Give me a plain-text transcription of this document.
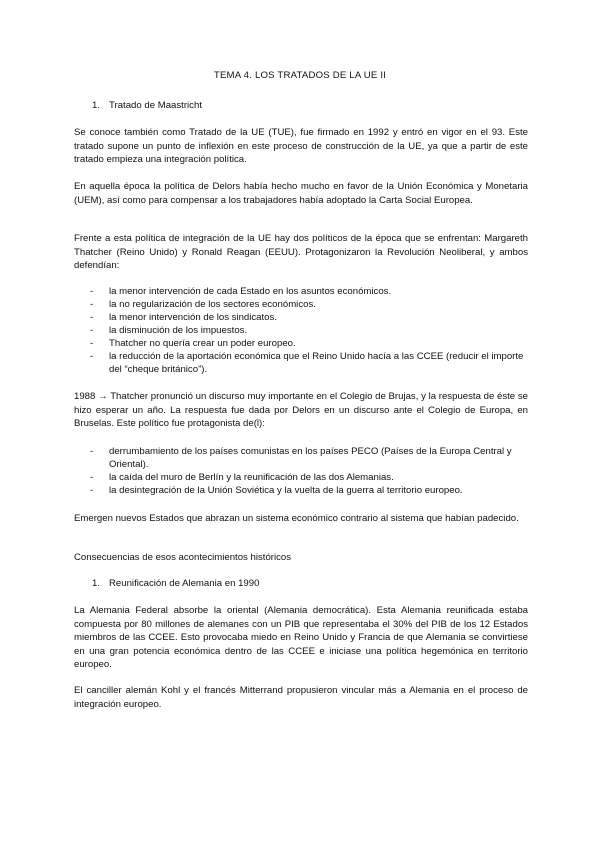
TEMA 4. LOS TRATADOS DE LA UE II
1. Tratado de Maastricht

Se conoce también como Tratado de la UE (TUE), fue firmado en 1992 y entró en vigor en el 93. Este tratado supone un punto de inflexión en este proceso de construcción de la UE, ya que a partir de este tratado empieza una integración política.

En aquella época la política de Delors había hecho mucho en favor de la Unión Económica y Monetaria (UEM), así como para compensar a los trabajadores había adoptado la Carta Social Europea.

Frente a esta política de integración de la UE hay dos políticos de la época que se enfrentan: Margareth Thatcher (Reino Unido) y Ronald Reagan (EEUU). Protagonizaron la Revolución Neoliberal, y ambos defendían:

- la menor intervención de cada Estado en los asuntos económicos.
- la no regularización de los sectores económicos.
- la menor intervención de los sindicatos.
- la disminución de los impuestos.
- Thatcher no quería crear un poder europeo.
- la reducción de la aportación económica que el Reino Unido hacía a las CCEE (reducir el importe del “cheque británico”).

1988 → Thatcher pronunció un discurso muy importante en el Colegio de Brujas, y la respuesta de éste se hizo esperar un año. La respuesta fue dada por Delors en un discurso ante el Colegio de Europa, en Bruselas. Este político fue protagonista de(l):

- derrumbamiento de los países comunistas en los países PECO (Países de la Europa Central y Oriental).
- la caída del muro de Berlín y la reunificación de las dos Alemanias.
- la desintegración de la Unión Soviética y la vuelta de la guerra al territorio europeo.

Emergen nuevos Estados que abrazan un sistema económico contrario al sistema que habían padecido.

Consecuencias de esos acontecimientos históricos

1. Reunificación de Alemania en 1990

La Alemania Federal absorbe la oriental (Alemania democrática). Esta Alemania reunificada estaba compuesta por 80 millones de alemanes con un PIB que representaba el 30% del PIB de los 12 Estados miembros de las CCEE. Esto provocaba miedo en Reino Unido y Francia de que Alemania se convirtiese en una gran potencia económica dentro de las CCEE e iniciase una política hegemónica en territorio europeo.

El canciller alemán Kohl y el francés Mitterrand propusieron vincular más a Alemania en el proceso de integración europeo.
